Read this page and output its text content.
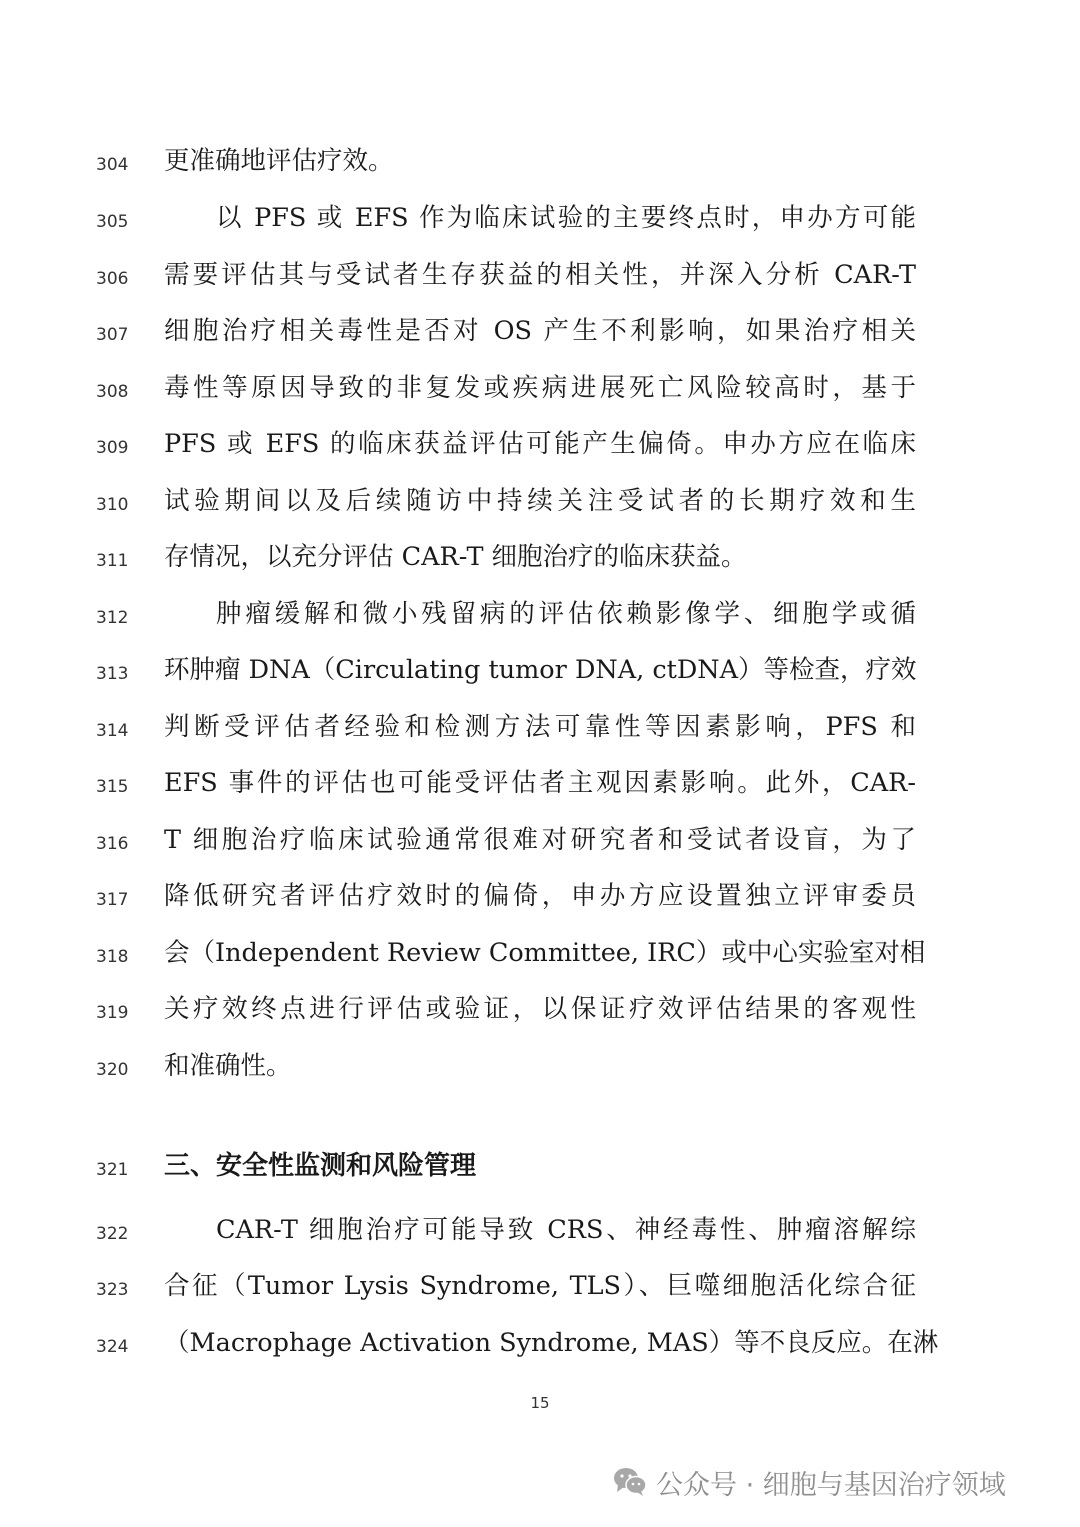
304 更准确地评估疗效。
305	以 PFS 或 EFS 作为临床试验的主要终点时，申办方可能
306 需要评估其与受试者生存获益的相关性，并深入分析 CAR-T
307 细胞治疗相关毒性是否对 OS 产生不利影响，如果治疗相关
308 毒性等原因导致的非复发或疾病进展死亡风险较高时，基于
309 PFS 或 EFS 的临床获益评估可能产生偏倚。申办方应在临床
310 试验期间以及后续随访中持续关注受试者的长期疗效和生
311 存情况，以充分评估 CAR-T 细胞治疗的临床获益。
312	肿瘤缓解和微小残留病的评估依赖影像学、细胞学或循
313 环肿瘤 DNA（Circulating tumor DNA, ctDNA）等检查，疗效
314 判断受评估者经验和检测方法可靠性等因素影响，PFS 和
315 EFS 事件的评估也可能受评估者主观因素影响。此外，CAR-
316 T 细胞治疗临床试验通常很难对研究者和受试者设盲，为了
317 降低研究者评估疗效时的偏倚，申办方应设置独立评审委员
318 会（Independent Review Committee, IRC）或中心实验室对相
319 关疗效终点进行评估或验证，以保证疗效评估结果的客观性
320 和准确性。
321 三、安全性监测和风险管理
322	CAR-T 细胞治疗可能导致 CRS、神经毒性、肿瘤溶解综
323 合征（Tumor Lysis Syndrome, TLS）、巨噬细胞活化综合征
324 （Macrophage Activation Syndrome, MAS）等不良反应。在淋
15
公众号 · 细胞与基因治疗领域
